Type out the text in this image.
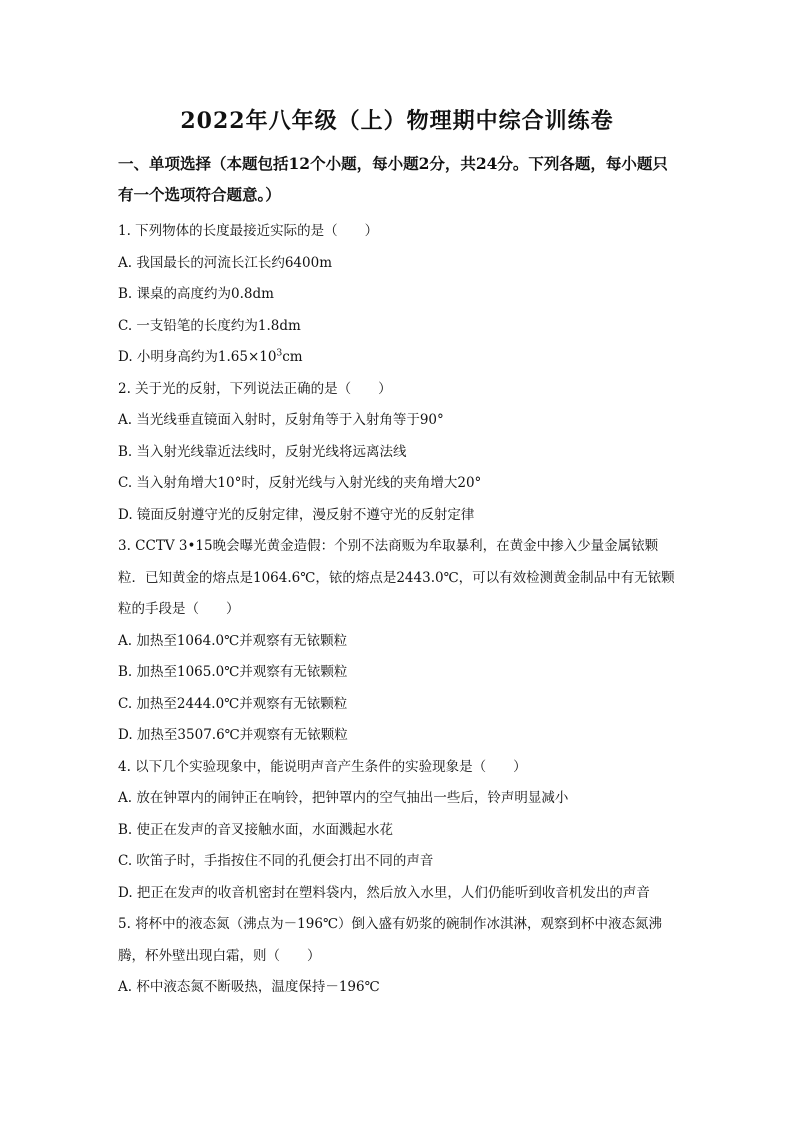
2022年八年级（上）物理期中综合训练卷
一、单项选择（本题包括12个小题，每小题2分，共24分。下列各题，每小题只有一个选项符合题意。）
1. 下列物体的长度最接近实际的是（　　）
A. 我国最长的河流长江长约6400m
B. 课桌的高度约为0.8dm
C. 一支铅笔的长度约为1.8dm
D. 小明身高约为$1.65\times 10^3cm$
2. 关于光的反射，下列说法正确的是（　　）
A. 当光线垂直镜面入射时，反射角等于入射角等于90°
B. 当入射光线靠近法线时，反射光线将远离法线
C. 当入射角增大10°时，反射光线与入射光线的夹角增大20°
D. 镜面反射遵守光的反射定律，漫反射不遵守光的反射定律
3. CCTV 3•15晚会曝光黄金造假：个别不法商贩为牟取暴利，在黄金中掺入少量金属铱颗粒．已知黄金的熔点是1064.6℃，铱的熔点是2443.0℃，可以有效检测黄金制品中有无铱颗粒的手段是（　　）
A. 加热至1064.0℃并观察有无铱颗粒
B. 加热至1065.0℃并观察有无铱颗粒
C. 加热至2444.0℃并观察有无铱颗粒
D. 加热至3507.6℃并观察有无铱颗粒
4. 以下几个实验现象中，能说明声音产生条件的实验现象是（　　）
A. 放在钟罩内的闹钟正在响铃，把钟罩内的空气抽出一些后，铃声明显减小
B. 使正在发声的音叉接触水面，水面溅起水花
C. 吹笛子时，手指按住不同的孔便会打出不同的声音
D. 把正在发声的收音机密封在塑料袋内，然后放入水里，人们仍能听到收音机发出的声音
5. 将杯中的液态氮（沸点为－196℃）倒入盛有奶浆的碗制作冰淇淋，观察到杯中液态氮沸腾，杯外壁出现白霜，则（　　）
A. 杯中液态氮不断吸热，温度保持－196℃
